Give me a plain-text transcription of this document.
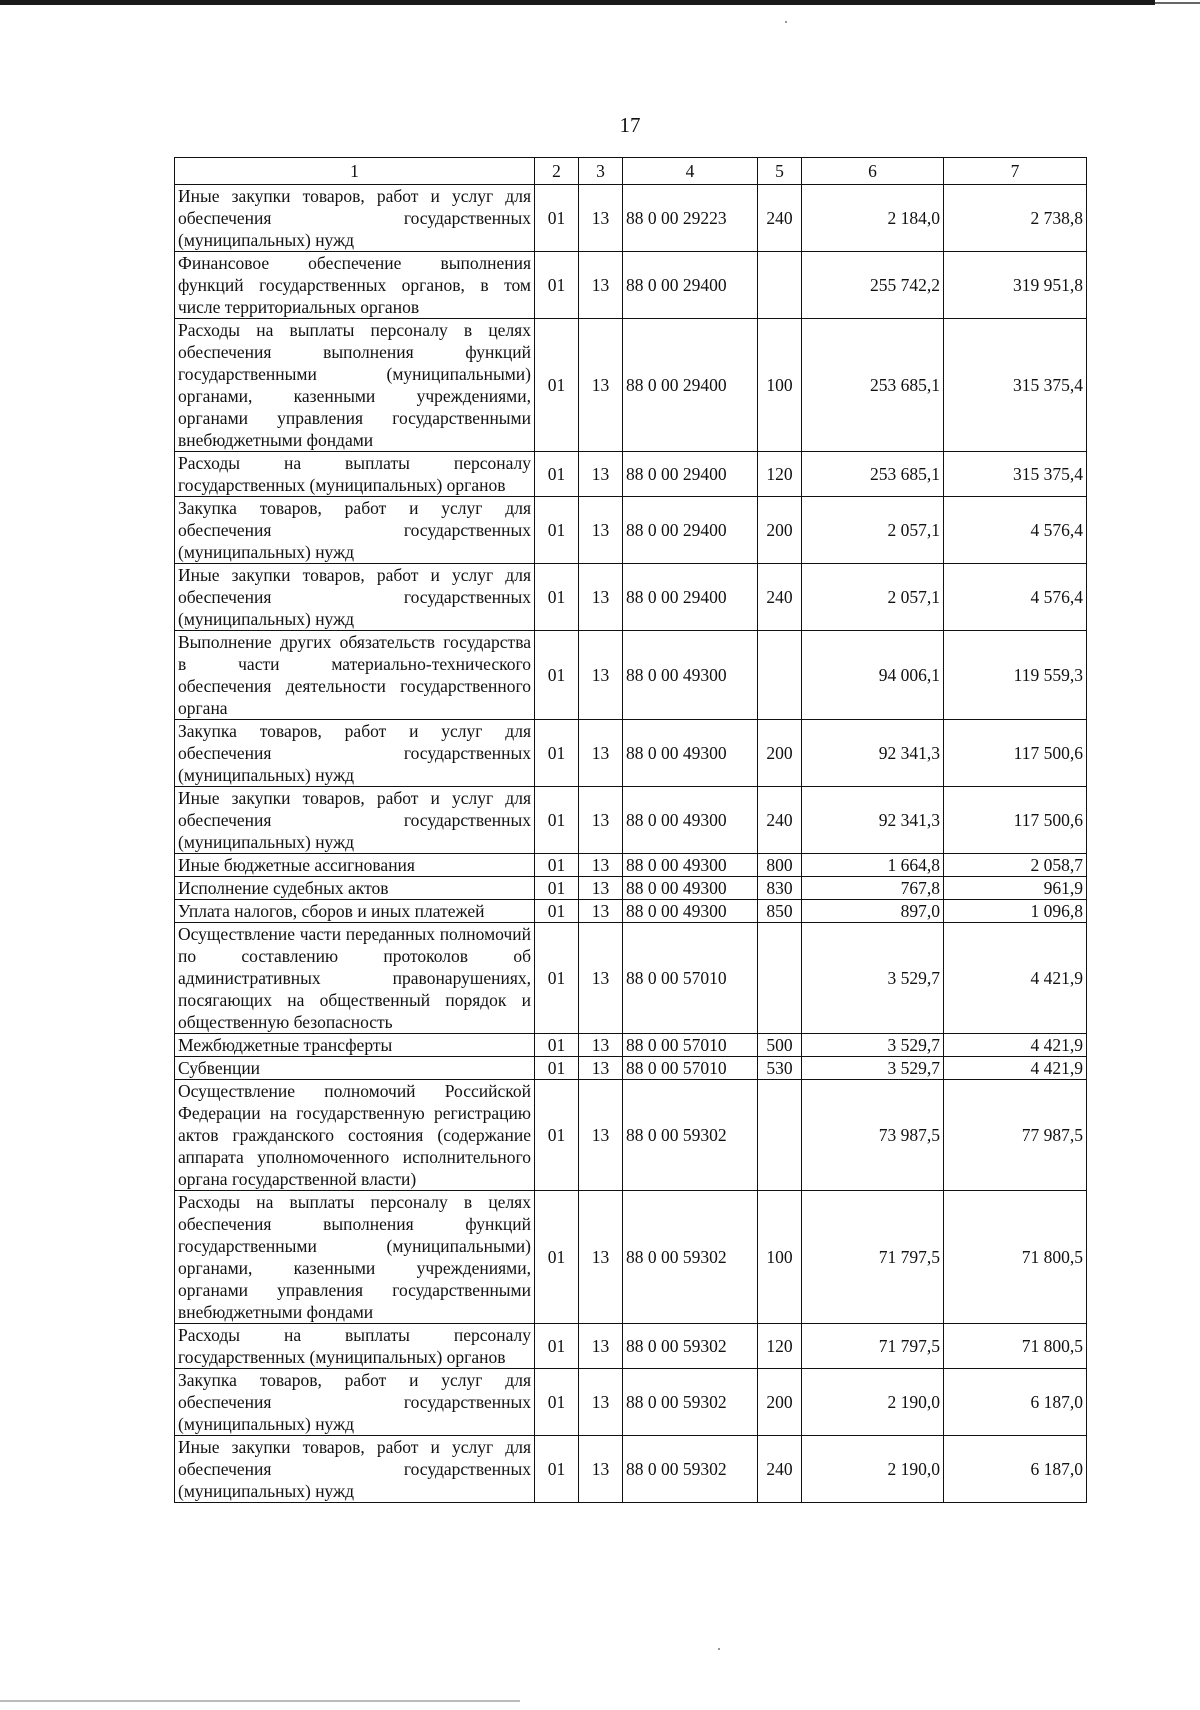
17
1	2	3	4	5	6	7
Иные закупки товаров, работ и услуг для обеспечения государственных (муниципальных) нужд	01	13	88 0 00 29223	240	2 184,0	2 738,8
Финансовое обеспечение выполнения функций государственных органов, в том числе территориальных органов	01	13	88 0 00 29400		255 742,2	319 951,8
Расходы на выплаты персоналу в целях обеспечения выполнения функций государственными (муниципальными) органами, казенными учреждениями, органами управления государственными внебюджетными фондами	01	13	88 0 00 29400	100	253 685,1	315 375,4
Расходы на выплаты персоналу государственных (муниципальных) органов	01	13	88 0 00 29400	120	253 685,1	315 375,4
Закупка товаров, работ и услуг для обеспечения государственных (муниципальных) нужд	01	13	88 0 00 29400	200	2 057,1	4 576,4
Иные закупки товаров, работ и услуг для обеспечения государственных (муниципальных) нужд	01	13	88 0 00 29400	240	2 057,1	4 576,4
Выполнение других обязательств государства в части материально-технического обеспечения деятельности государственного органа	01	13	88 0 00 49300		94 006,1	119 559,3
Закупка товаров, работ и услуг для обеспечения государственных (муниципальных) нужд	01	13	88 0 00 49300	200	92 341,3	117 500,6
Иные закупки товаров, работ и услуг для обеспечения государственных (муниципальных) нужд	01	13	88 0 00 49300	240	92 341,3	117 500,6
Иные бюджетные ассигнования	01	13	88 0 00 49300	800	1 664,8	2 058,7
Исполнение судебных актов	01	13	88 0 00 49300	830	767,8	961,9
Уплата налогов, сборов и иных платежей	01	13	88 0 00 49300	850	897,0	1 096,8
Осуществление части переданных полномочий по составлению протоколов об административных правонарушениях, посягающих на общественный порядок и общественную безопасность	01	13	88 0 00 57010		3 529,7	4 421,9
Межбюджетные трансферты	01	13	88 0 00 57010	500	3 529,7	4 421,9
Субвенции	01	13	88 0 00 57010	530	3 529,7	4 421,9
Осуществление полномочий Российской Федерации на государственную регистрацию актов гражданского состояния (содержание аппарата уполномоченного исполнительного органа государственной власти)	01	13	88 0 00 59302		73 987,5	77 987,5
Расходы на выплаты персоналу в целях обеспечения выполнения функций государственными (муниципальными) органами, казенными учреждениями, органами управления государственными внебюджетными фондами	01	13	88 0 00 59302	100	71 797,5	71 800,5
Расходы на выплаты персоналу государственных (муниципальных) органов	01	13	88 0 00 59302	120	71 797,5	71 800,5
Закупка товаров, работ и услуг для обеспечения государственных (муниципальных) нужд	01	13	88 0 00 59302	200	2 190,0	6 187,0
Иные закупки товаров, работ и услуг для обеспечения государственных (муниципальных) нужд	01	13	88 0 00 59302	240	2 190,0	6 187,0
